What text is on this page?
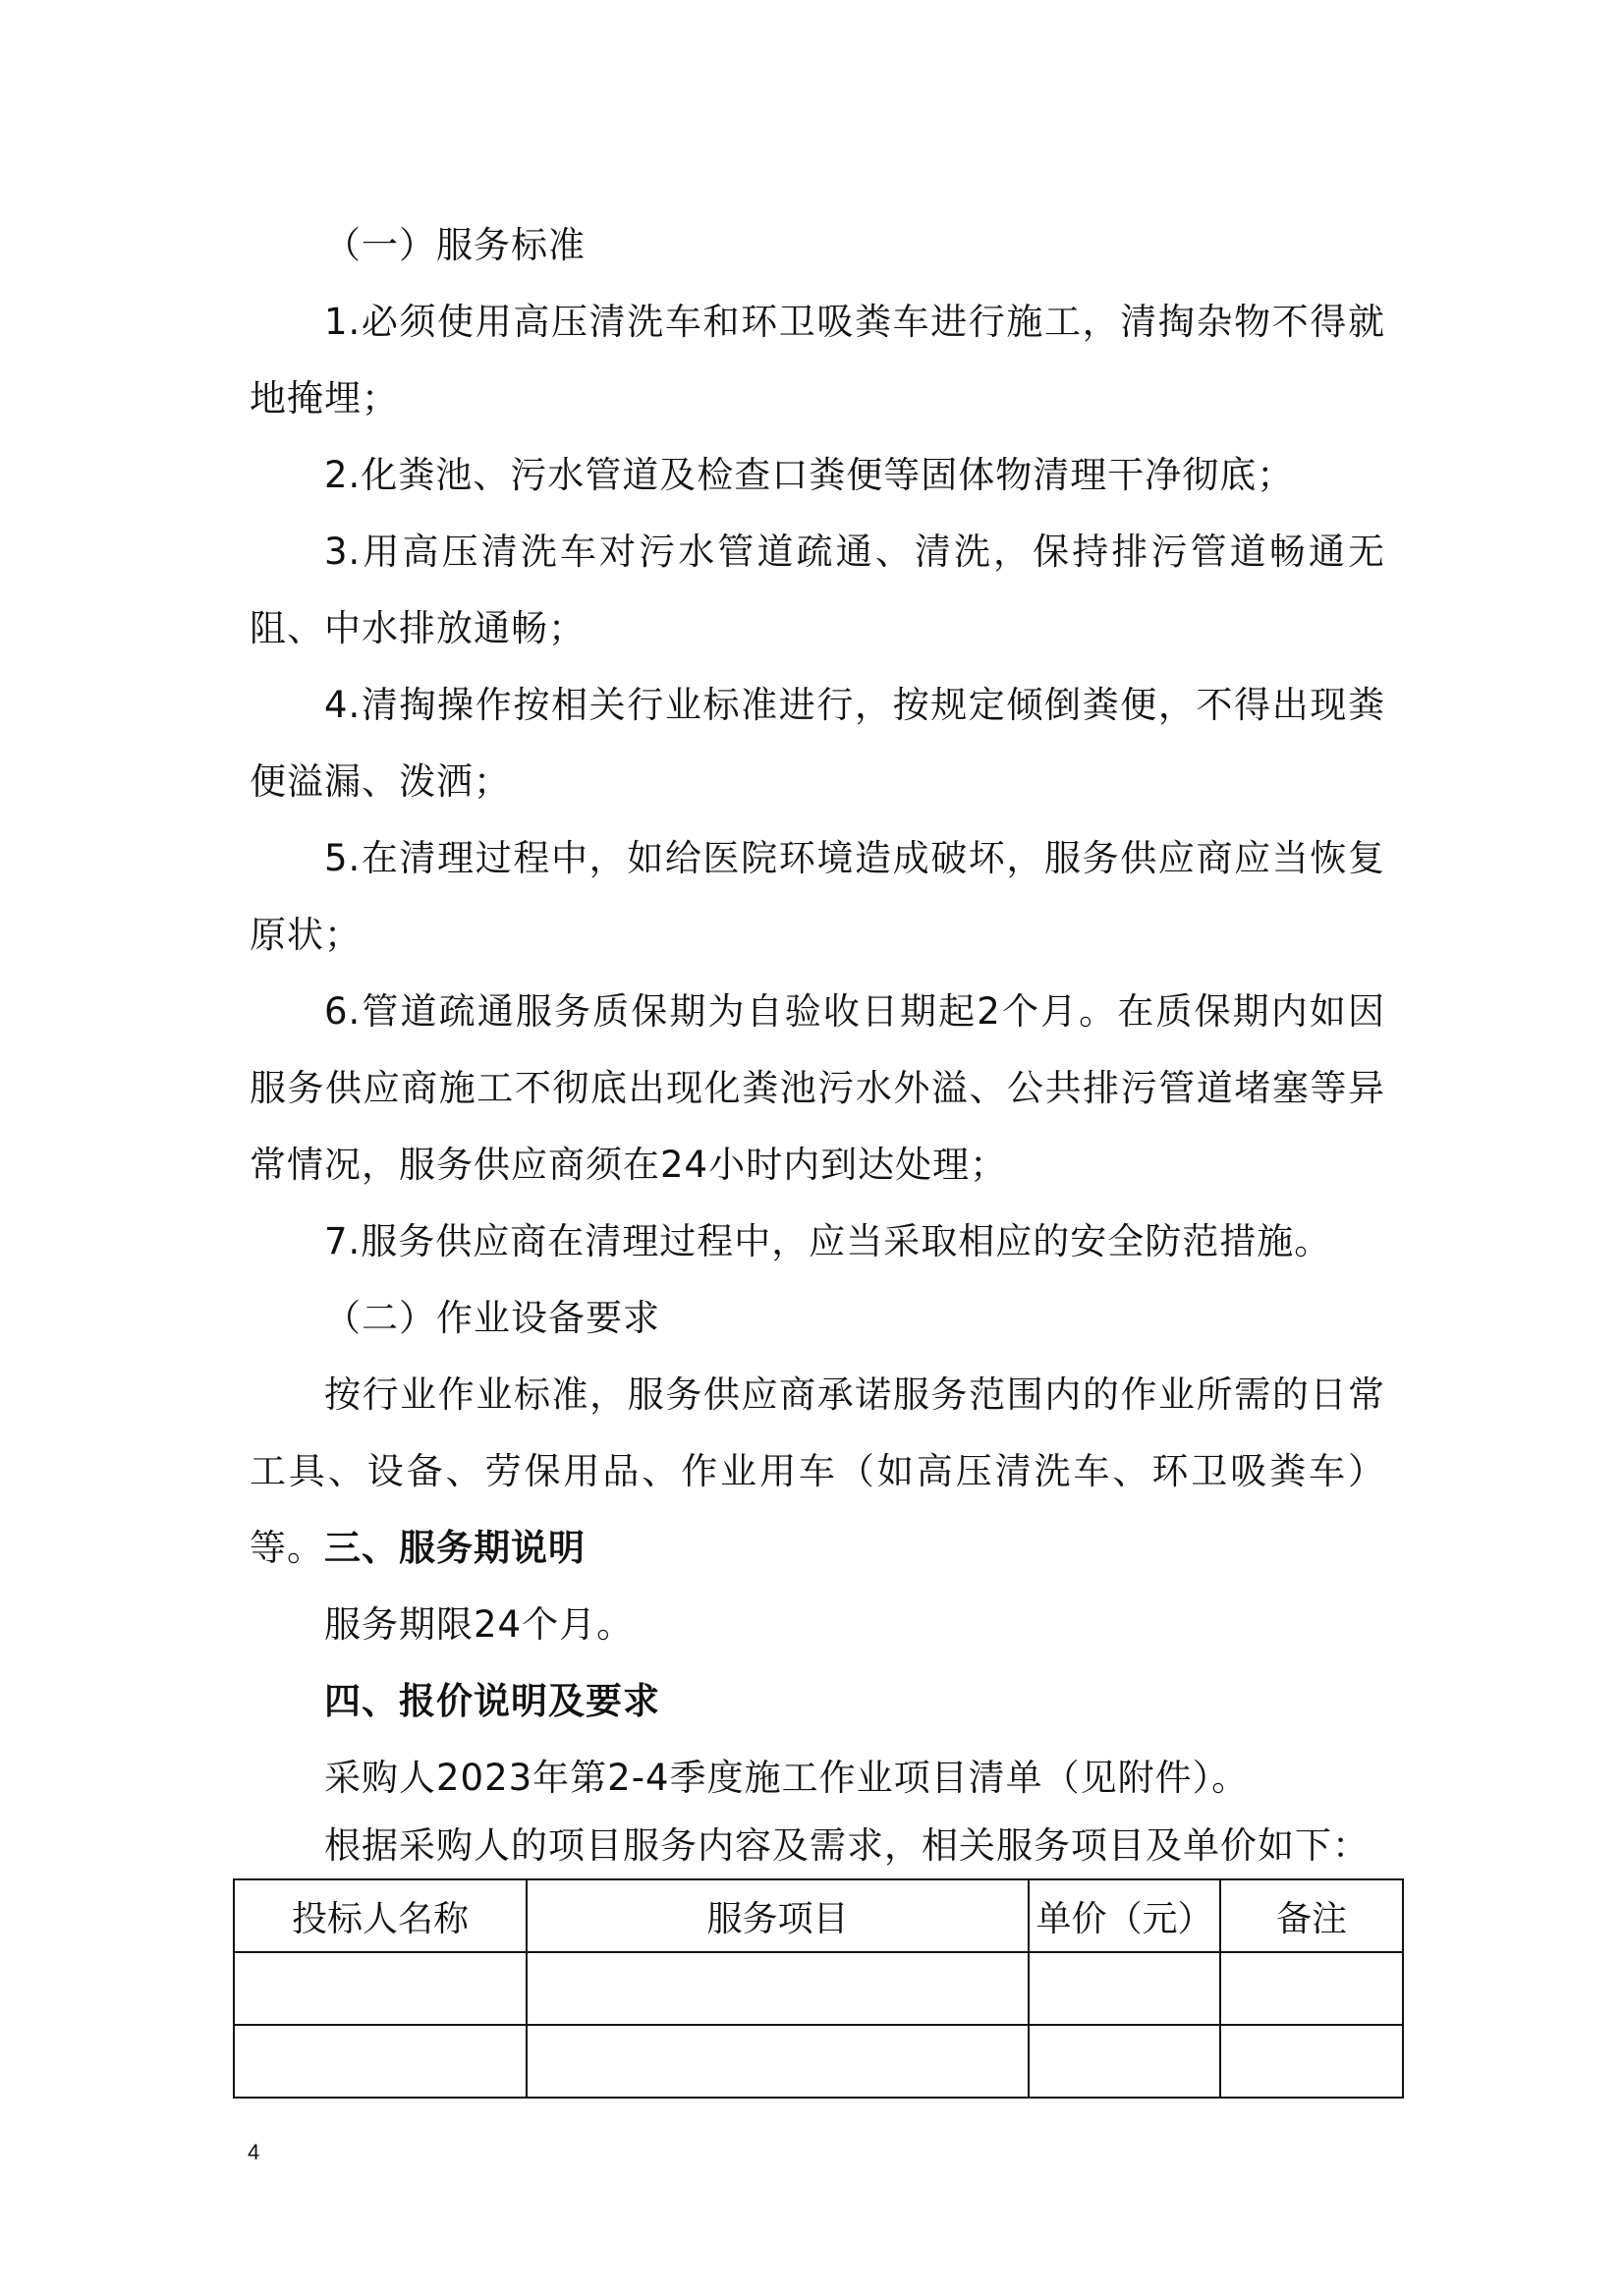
（一）服务标准

1.必须使用高压清洗车和环卫吸粪车进行施工，清掏杂物不得就地掩埋；

2.化粪池、污水管道及检查口粪便等固体物清理干净彻底；

3.用高压清洗车对污水管道疏通、清洗，保持排污管道畅通无阻、中水排放通畅；

4.清掏操作按相关行业标准进行，按规定倾倒粪便，不得出现粪便溢漏、泼洒；

5.在清理过程中，如给医院环境造成破坏，服务供应商应当恢复原状；

6.管道疏通服务质保期为自验收日期起2个月。在质保期内如因服务供应商施工不彻底出现化粪池污水外溢、公共排污管道堵塞等异常情况，服务供应商须在24小时内到达处理；

7.服务供应商在清理过程中，应当采取相应的安全防范措施。

（二）作业设备要求

按行业作业标准，服务供应商承诺服务范围内的作业所需的日常工具、设备、劳保用品、作业用车（如高压清洗车、环卫吸粪车）等。 三、服务期说明

服务期限24个月。

四、报价说明及要求

采购人2023年第2-4季度施工作业项目清单（见附件）。

根据采购人的项目服务内容及需求，相关服务项目及单价如下：

投标人名称	服务项目	单价（元）	备注

4
